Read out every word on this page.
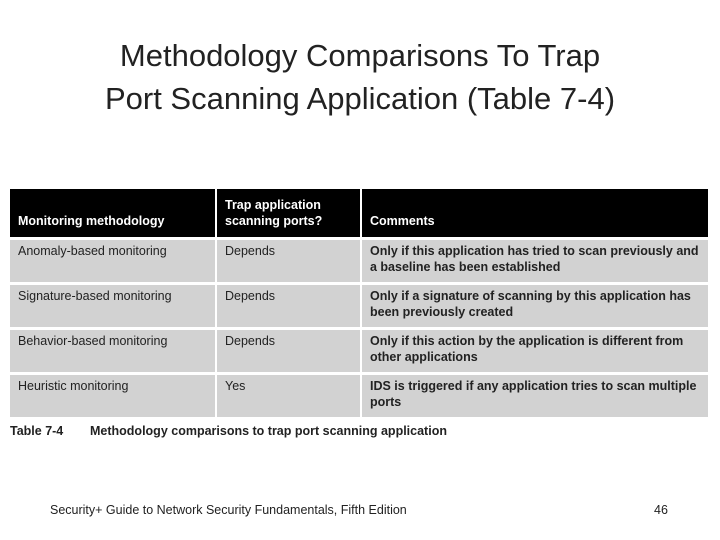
Methodology Comparisons To Trap
Port Scanning Application (Table 7-4)
Monitoring methodology	Trap application scanning ports?	Comments
Anomaly-based monitoring	Depends	Only if this application has tried to scan previously and a baseline has been established
Signature-based monitoring	Depends	Only if a signature of scanning by this application has been previously created
Behavior-based monitoring	Depends	Only if this action by the application is different from other applications
Heuristic monitoring	Yes	IDS is triggered if any application tries to scan multiple ports
Table 7-4	Methodology comparisons to trap port scanning application
Security+ Guide to Network Security Fundamentals, Fifth Edition	46
